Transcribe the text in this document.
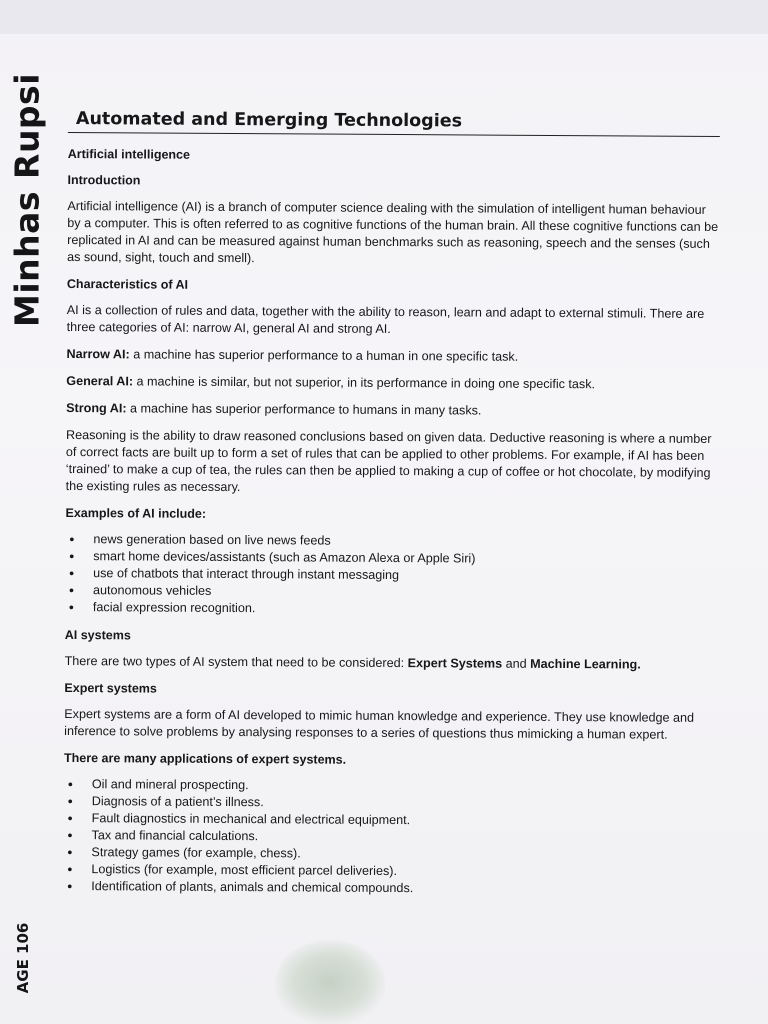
Minhas Rupsi
AGE 106
Automated and Emerging Technologies
Artificial intelligence
Introduction

Artificial intelligence (AI) is a branch of computer science dealing with the simulation of intelligent human behaviour by a computer. This is often referred to as cognitive functions of the human brain. All these cognitive functions can be replicated in AI and can be measured against human benchmarks such as reasoning, speech and the senses (such as sound, sight, touch and smell).

Characteristics of AI

AI is a collection of rules and data, together with the ability to reason, learn and adapt to external stimuli. There are three categories of AI: narrow AI, general AI and strong AI.

Narrow AI: a machine has superior performance to a human in one specific task.

General AI: a machine is similar, but not superior, in its performance in doing one specific task.

Strong AI: a machine has superior performance to humans in many tasks.

Reasoning is the ability to draw reasoned conclusions based on given data. Deductive reasoning is where a number of correct facts are built up to form a set of rules that can be applied to other problems. For example, if AI has been ‘trained’ to make a cup of tea, the rules can then be applied to making a cup of coffee or hot chocolate, by modifying the existing rules as necessary.

Examples of AI include:
• news generation based on live news feeds
• smart home devices/assistants (such as Amazon Alexa or Apple Siri)
• use of chatbots that interact through instant messaging
• autonomous vehicles
• facial expression recognition.
AI systems

There are two types of AI system that need to be considered: Expert Systems and Machine Learning.

Expert systems

Expert systems are a form of AI developed to mimic human knowledge and experience. They use knowledge and inference to solve problems by analysing responses to a series of questions thus mimicking a human expert.

There are many applications of expert systems.
• Oil and mineral prospecting.
• Diagnosis of a patient’s illness.
• Fault diagnostics in mechanical and electrical equipment.
• Tax and financial calculations.
• Strategy games (for example, chess).
• Logistics (for example, most efficient parcel deliveries).
• Identification of plants, animals and chemical compounds.
